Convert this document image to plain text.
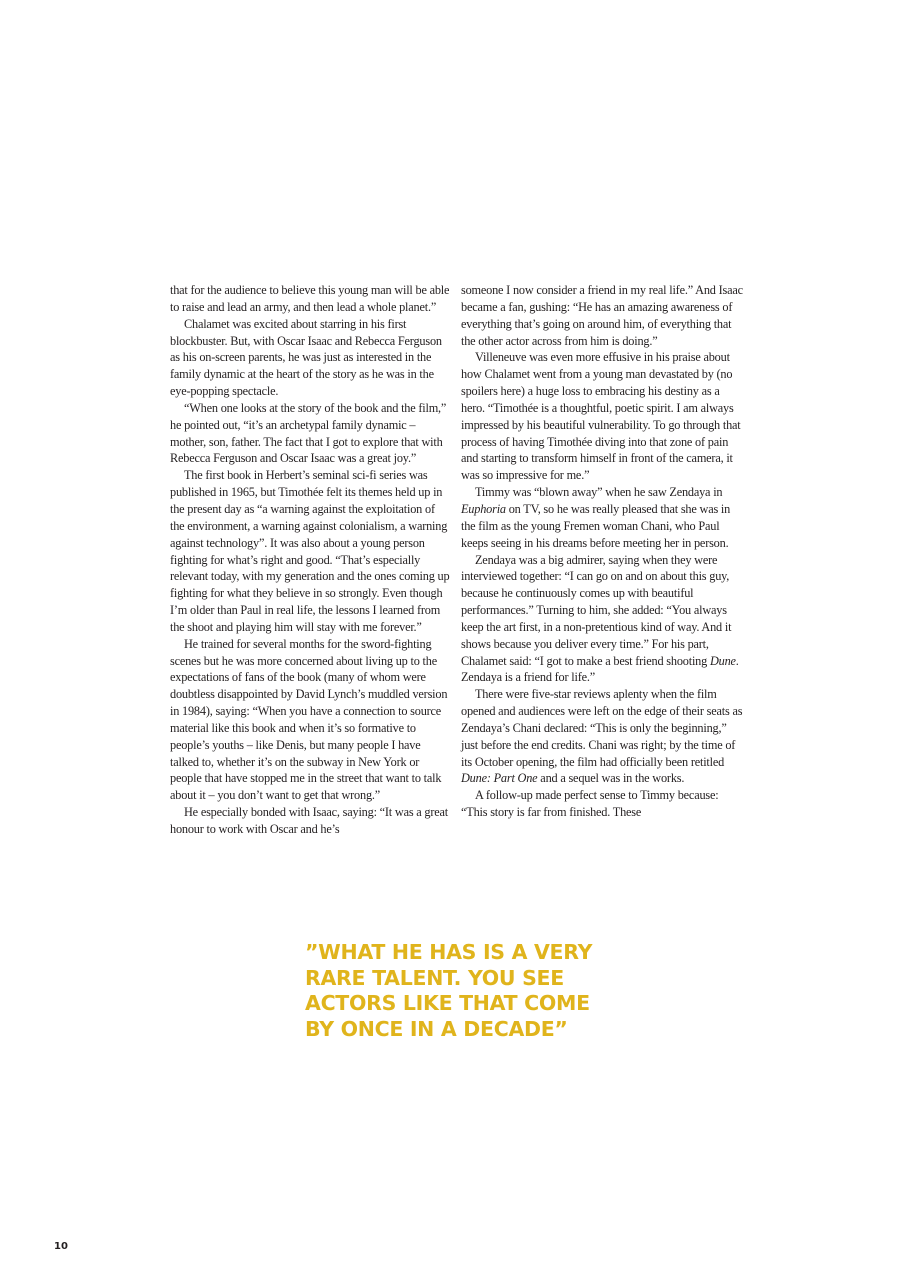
that for the audience to believe this young man will be able to raise and lead an army, and then lead a whole planet.”

Chalamet was excited about starring in his first blockbuster. But, with Oscar Isaac and Rebecca Ferguson as his on-screen parents, he was just as interested in the family dynamic at the heart of the story as he was in the eye-popping spectacle.

“When one looks at the story of the book and the film,” he pointed out, “it’s an archetypal family dynamic – mother, son, father. The fact that I got to explore that with Rebecca Ferguson and Oscar Isaac was a great joy.”

The first book in Herbert’s seminal sci-fi series was published in 1965, but Timothée felt its themes held up in the present day as “a warning against the exploitation of the environment, a warning against colonialism, a warning against technology”. It was also about a young person fighting for what’s right and good. “That’s especially relevant today, with my generation and the ones coming up fighting for what they believe in so strongly. Even though I’m older than Paul in real life, the lessons I learned from the shoot and playing him will stay with me forever.”

He trained for several months for the sword-fighting scenes but he was more concerned about living up to the expectations of fans of the book (many of whom were doubtless disappointed by David Lynch’s muddled version in 1984), saying: “When you have a connection to source material like this book and when it’s so formative to people’s youths – like Denis, but many people I have talked to, whether it’s on the subway in New York or people that have stopped me in the street that want to talk about it – you don’t want to get that wrong.”

He especially bonded with Isaac, saying: “It was a great honour to work with Oscar and he’s

someone I now consider a friend in my real life.” And Isaac became a fan, gushing: “He has an amazing awareness of everything that’s going on around him, of everything that the other actor across from him is doing.”

Villeneuve was even more effusive in his praise about how Chalamet went from a young man devastated by (no spoilers here) a huge loss to embracing his destiny as a hero. “Timothée is a thoughtful, poetic spirit. I am always impressed by his beautiful vulnerability. To go through that process of having Timothée diving into that zone of pain and starting to transform himself in front of the camera, it was so impressive for me.”

Timmy was “blown away” when he saw Zendaya in Euphoria on TV, so he was really pleased that she was in the film as the young Fremen woman Chani, who Paul keeps seeing in his dreams before meeting her in person.

Zendaya was a big admirer, saying when they were interviewed together: “I can go on and on about this guy, because he continuously comes up with beautiful performances.” Turning to him, she added: “You always keep the art first, in a non-pretentious kind of way. And it shows because you deliver every time.” For his part, Chalamet said: “I got to make a best friend shooting Dune. Zendaya is a friend for life.”

There were five-star reviews aplenty when the film opened and audiences were left on the edge of their seats as Zendaya’s Chani declared: “This is only the beginning,” just before the end credits. Chani was right; by the time of its October opening, the film had officially been retitled Dune: Part One and a sequel was in the works.

A follow-up made perfect sense to Timmy because: “This story is far from finished. These

”WHAT HE HAS IS A VERY RARE TALENT. YOU SEE ACTORS LIKE THAT COME BY ONCE IN A DECADE”

10
